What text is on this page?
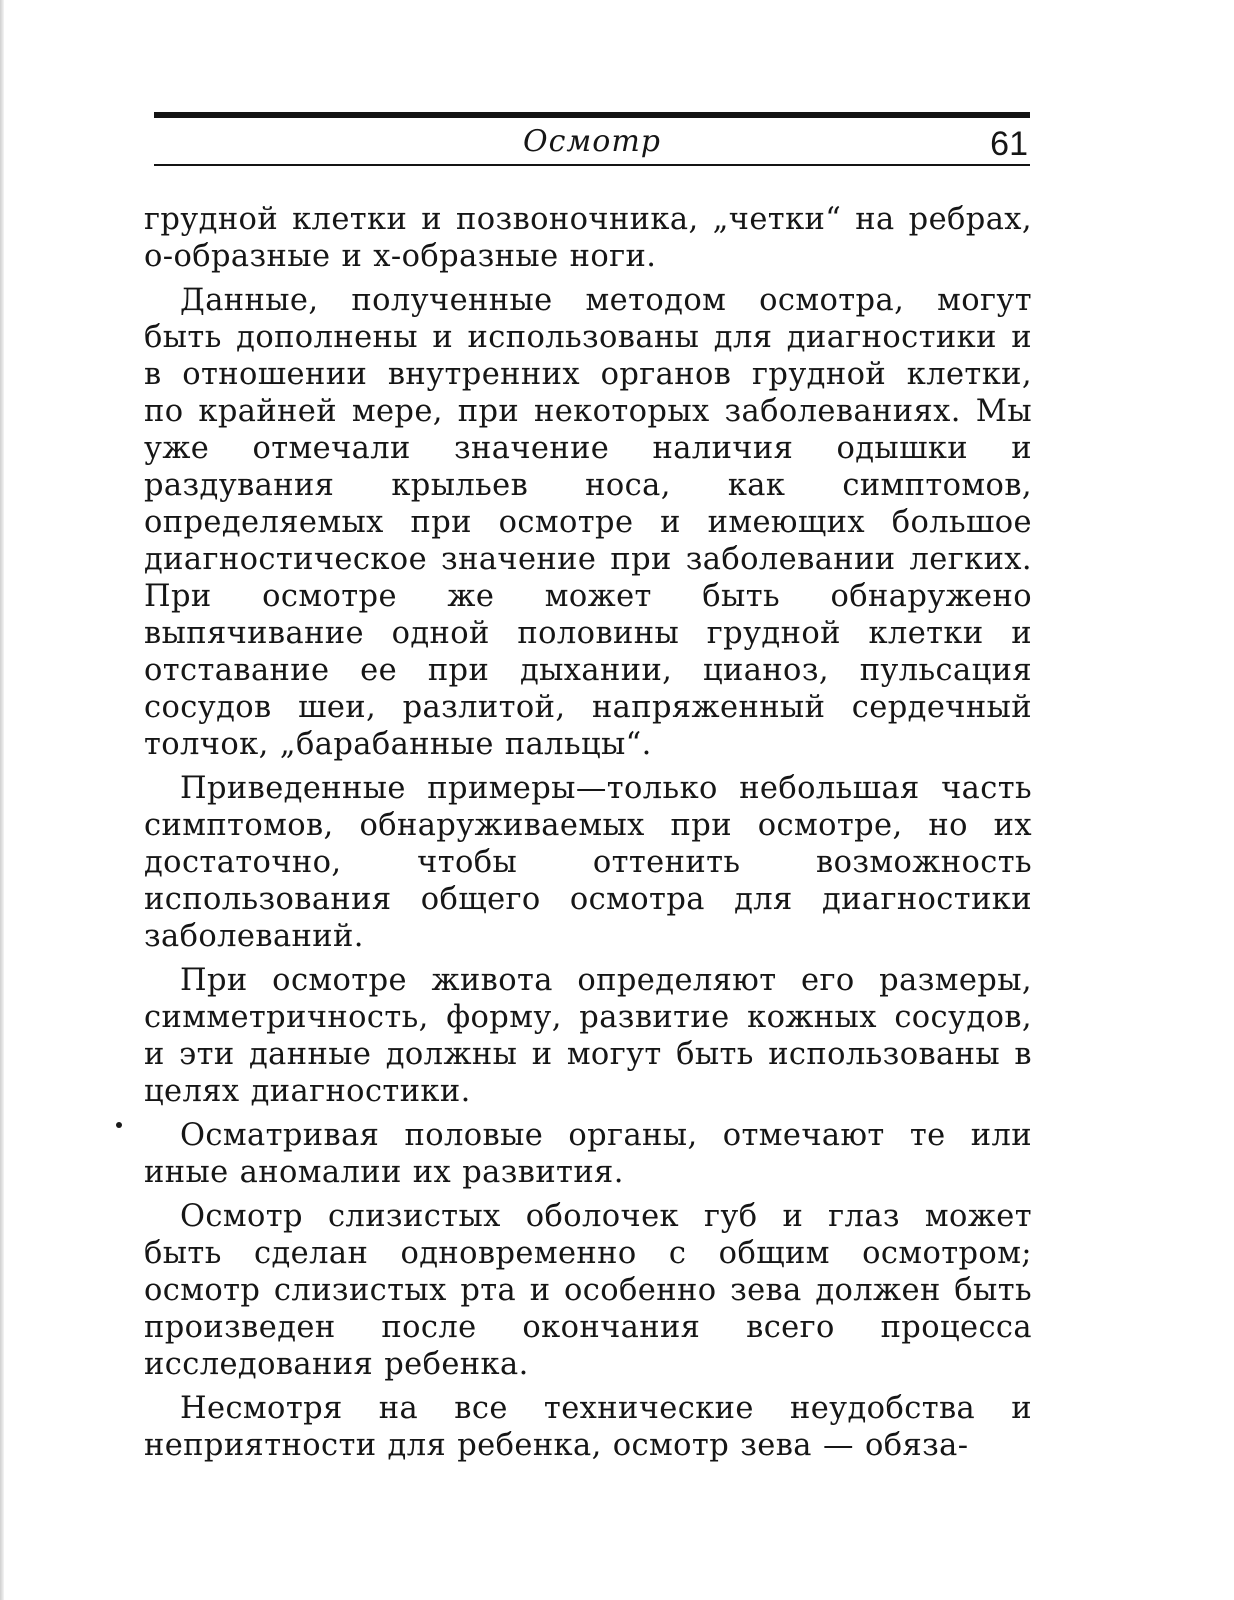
Осмотр	61

грудной клетки и позвоночника, „четки“ на ребрах, о-образные и х-образные ноги.

Данные, полученные методом осмотра, могут быть дополнены и использованы для диагностики и в отношении внутренних органов грудной клетки, по крайней мере, при некоторых заболеваниях. Мы уже отмечали значение наличия одышки и раздувания крыльев носа, как симптомов, определяемых при осмотре и имеющих большое диагностическое значение при заболевании легких. При осмотре же может быть обнаружено выпячивание одной половины грудной клетки и отставание ее при дыхании, цианоз, пульсация сосудов шеи, разлитой, напряженный сердечный толчок, „барабанные пальцы“.

Приведенные примеры—только небольшая часть симптомов, обнаруживаемых при осмотре, но их достаточно, чтобы оттенить возможность использования общего осмотра для диагностики заболеваний.

При осмотре живота определяют его размеры, симметричность, форму, развитие кожных сосудов, и эти данные должны и могут быть использованы в целях диагностики.

Осматривая половые органы, отмечают те или иные аномалии их развития.

Осмотр слизистых оболочек губ и глаз может быть сделан одновременно с общим осмотром; осмотр слизистых рта и особенно зева должен быть произведен после окончания всего процесса исследования ребенка.

Несмотря на все технические неудобства и неприятности для ребенка, осмотр зева — обяза-
